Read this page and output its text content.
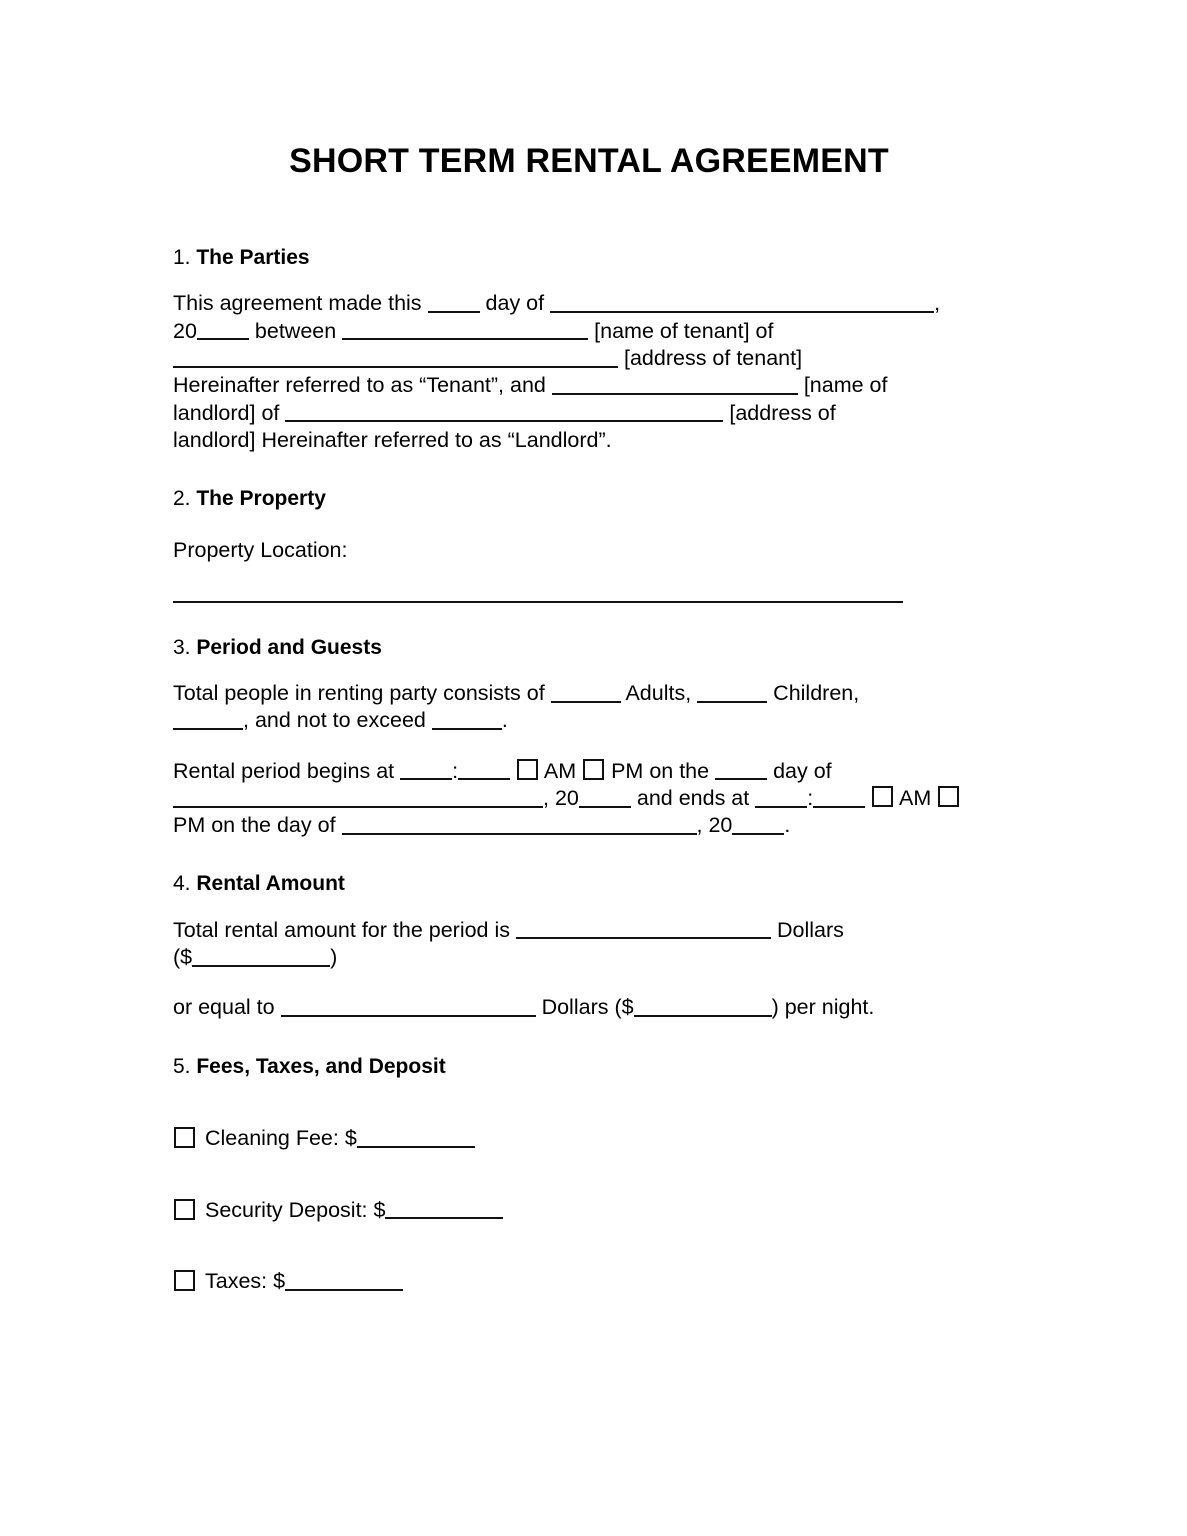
SHORT TERM RENTAL AGREEMENT
1. The Parties

This agreement made this	day of	,
20	between	[name of tenant] of
[address of tenant]
Hereinafter referred to as “Tenant”, and	[name of
landlord] of	[address of
landlord] Hereinafter referred to as “Landlord”.

2. The Property

Property Location:

3. Period and Guests

Total people in renting party consists of	Adults,	Children,
, and not to exceed	.

Rental period begins at	:	AM PM on the	day of
, 20	and ends at	:	AM
PM on the day of	, 20 .

4. Rental Amount

Total rental amount for the period is	Dollars
($	)

or equal to	Dollars ($	) per night.

5. Fees, Taxes, and Deposit

Cleaning Fee: $

Security Deposit: $

Taxes: $
